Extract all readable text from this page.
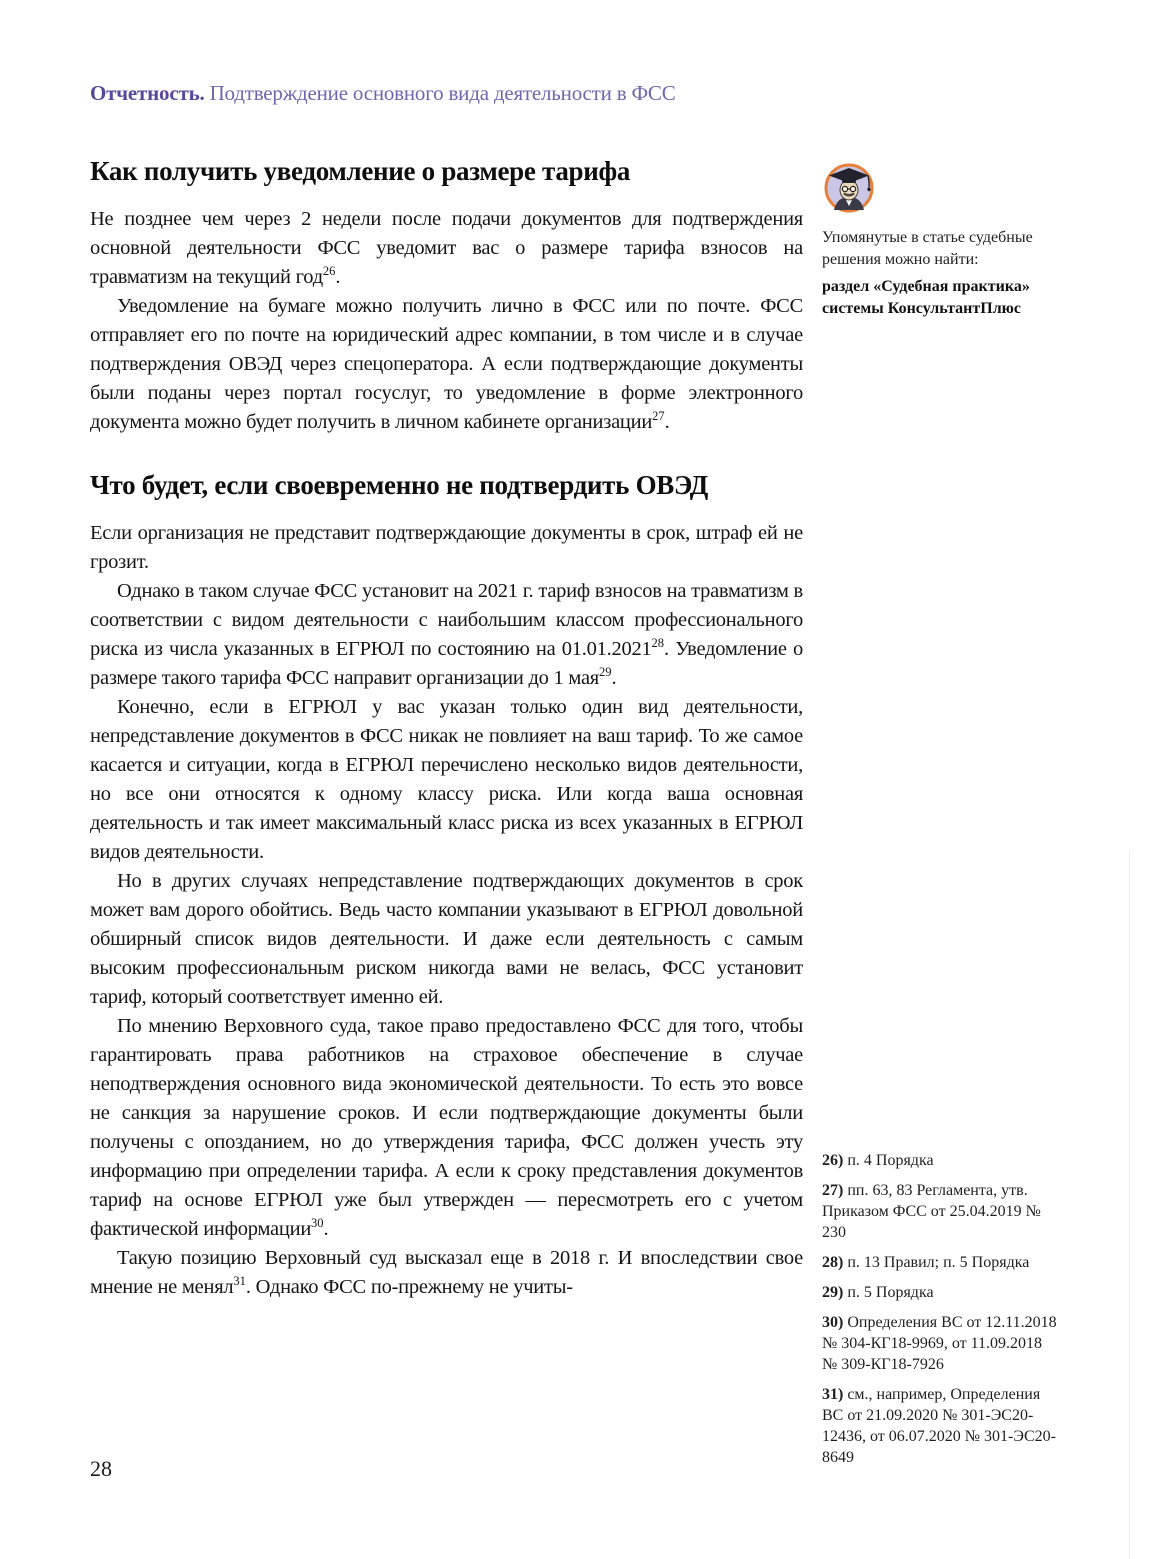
Отчетность. Подтверждение основного вида деятельности в ФСС
Как получить уведомление о размере тарифа

Не позднее чем через 2 недели после подачи документов для подтверждения основной деятельности ФСС уведомит вас о размере тарифа взносов на травматизм на текущий год$^{26}$.

Уведомление на бумаге можно получить лично в ФСС или по почте. ФСС отправляет его по почте на юридический адрес компании, в том числе и в случае подтверждения ОВЭД через спецоператора. А если подтверждающие документы были поданы через портал госуслуг, то уведомление в форме электронного документа можно будет получить в личном кабинете организации$^{27}$.

Что будет, если своевременно не подтвердить ОВЭД

Если организация не представит подтверждающие документы в срок, штраф ей не грозит.

Однако в таком случае ФСС установит на 2021 г. тариф взносов на травматизм в соответствии с видом деятельности с наибольшим классом профессионального риска из числа указанных в ЕГРЮЛ по состоянию на 01.01.2021$^{28}$. Уведомление о размере такого тарифа ФСС направит организации до 1 мая$^{29}$.

Конечно, если в ЕГРЮЛ у вас указан только один вид деятельности, непредставление документов в ФСС никак не повлияет на ваш тариф. То же самое касается и ситуации, когда в ЕГРЮЛ перечислено несколько видов деятельности, но все они относятся к одному классу риска. Или когда ваша основная деятельность и так имеет максимальный класс риска из всех указанных в ЕГРЮЛ видов деятельности.

Но в других случаях непредставление подтверждающих документов в срок может вам дорого обойтись. Ведь часто компании указывают в ЕГРЮЛ довольной обширный список видов деятельности. И даже если деятельность с самым высоким профессиональным риском никогда вами не велась, ФСС установит тариф, который соответствует именно ей.

По мнению Верховного суда, такое право предоставлено ФСС для того, чтобы гарантировать права работников на страховое обеспечение в случае неподтверждения основного вида экономической деятельности. То есть это вовсе не санкция за нарушение сроков. И если подтверждающие документы были получены с опозданием, но до утверждения тарифа, ФСС должен учесть эту информацию при определении тарифа. А если к сроку представления документов тариф на основе ЕГРЮЛ уже был утвержден — пересмотреть его с учетом фактической информации$^{30}$.

Такую позицию Верховный суд высказал еще в 2018 г. И впоследствии свое мнение не менял$^{31}$. Однако ФСС по-прежнему не учиты-

Упомянутые в статье судебные решения можно найти:
раздел «Судебная практика» системы КонсультантПлюс
26) п. 4 Порядка
27) пп. 63, 83 Регламента, утв. Приказом ФСС от 25.04.2019 № 230
28) п. 13 Правил; п. 5 Порядка
29) п. 5 Порядка
30) Определения ВС от 12.11.2018 № 304-КГ18-9969, от 11.09.2018 № 309-КГ18-7926
31) см., например, Определения ВС от 21.09.2020 № 301-ЭС20-12436, от 06.07.2020 № 301-ЭС20-8649
28
